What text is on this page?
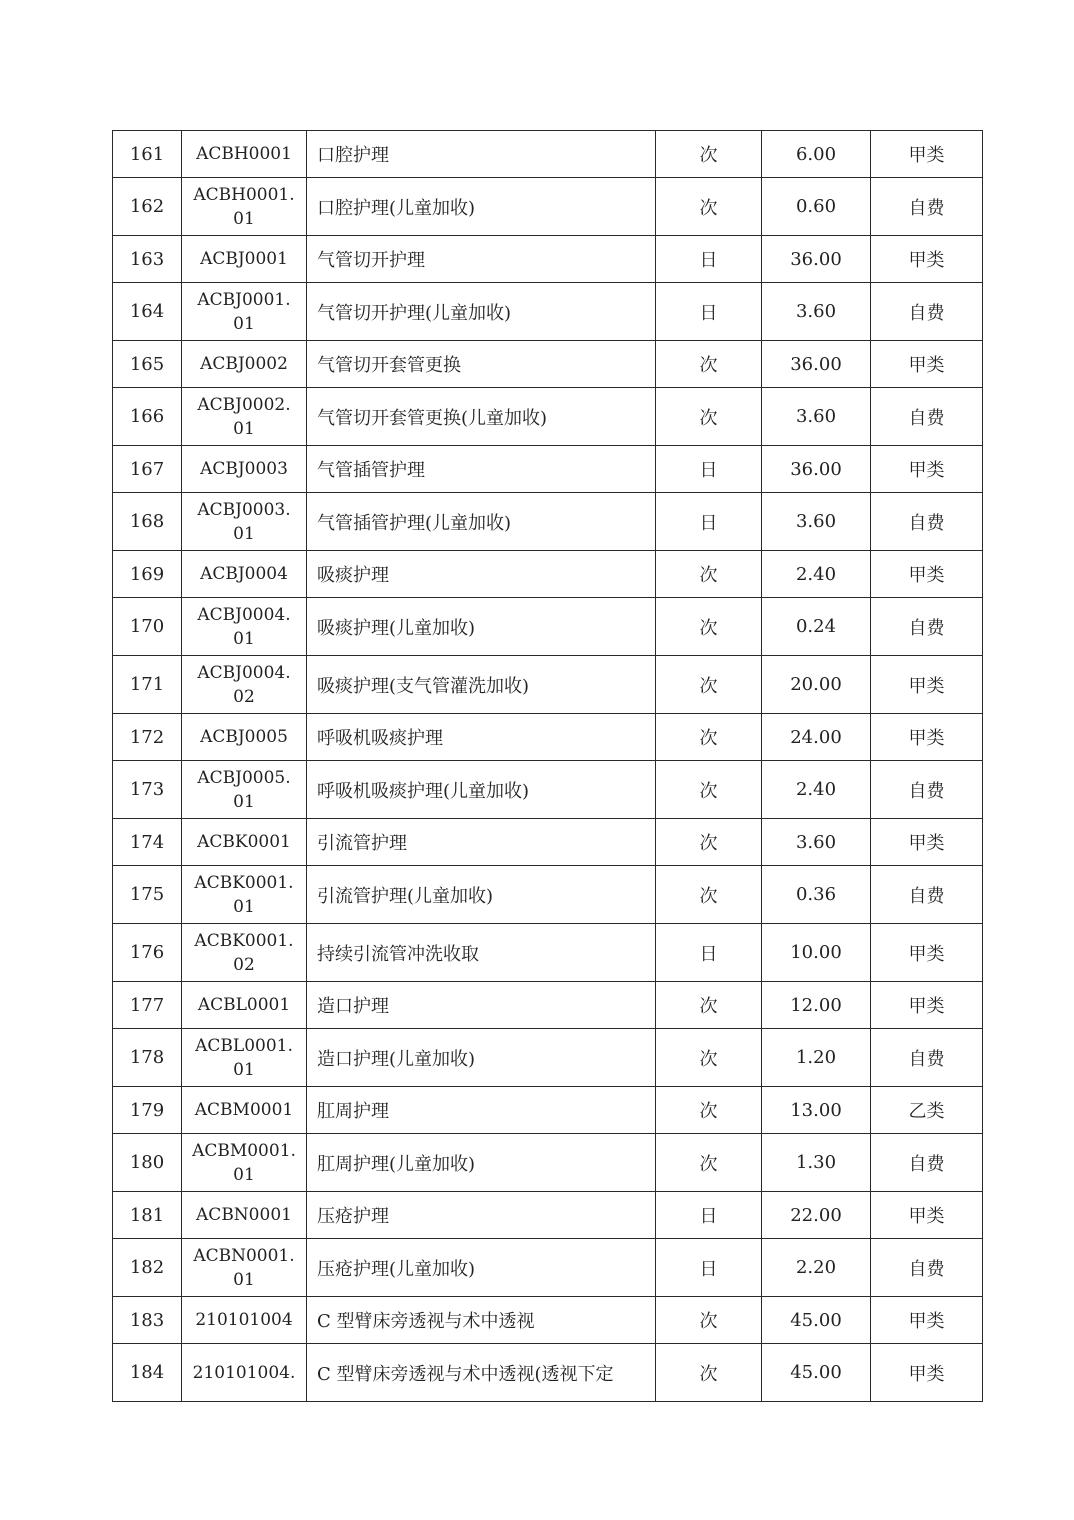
161	ACBH0001	口腔护理	次	6.00	甲类
162	ACBH0001.01	口腔护理(儿童加收)	次	0.60	自费
163	ACBJ0001	气管切开护理	日	36.00	甲类
164	ACBJ0001.01	气管切开护理(儿童加收)	日	3.60	自费
165	ACBJ0002	气管切开套管更换	次	36.00	甲类
166	ACBJ0002.01	气管切开套管更换(儿童加收)	次	3.60	自费
167	ACBJ0003	气管插管护理	日	36.00	甲类
168	ACBJ0003.01	气管插管护理(儿童加收)	日	3.60	自费
169	ACBJ0004	吸痰护理	次	2.40	甲类
170	ACBJ0004.01	吸痰护理(儿童加收)	次	0.24	自费
171	ACBJ0004.02	吸痰护理(支气管灌洗加收)	次	20.00	甲类
172	ACBJ0005	呼吸机吸痰护理	次	24.00	甲类
173	ACBJ0005.01	呼吸机吸痰护理(儿童加收)	次	2.40	自费
174	ACBK0001	引流管护理	次	3.60	甲类
175	ACBK0001.01	引流管护理(儿童加收)	次	0.36	自费
176	ACBK0001.02	持续引流管冲洗收取	日	10.00	甲类
177	ACBL0001	造口护理	次	12.00	甲类
178	ACBL0001.01	造口护理(儿童加收)	次	1.20	自费
179	ACBM0001	肛周护理	次	13.00	乙类
180	ACBM0001.01	肛周护理(儿童加收)	次	1.30	自费
181	ACBN0001	压疮护理	日	22.00	甲类
182	ACBN0001.01	压疮护理(儿童加收)	日	2.20	自费
183	210101004	C 型臂床旁透视与术中透视	次	45.00	甲类
184	210101004.	C 型臂床旁透视与术中透视(透视下定	次	45.00	甲类
